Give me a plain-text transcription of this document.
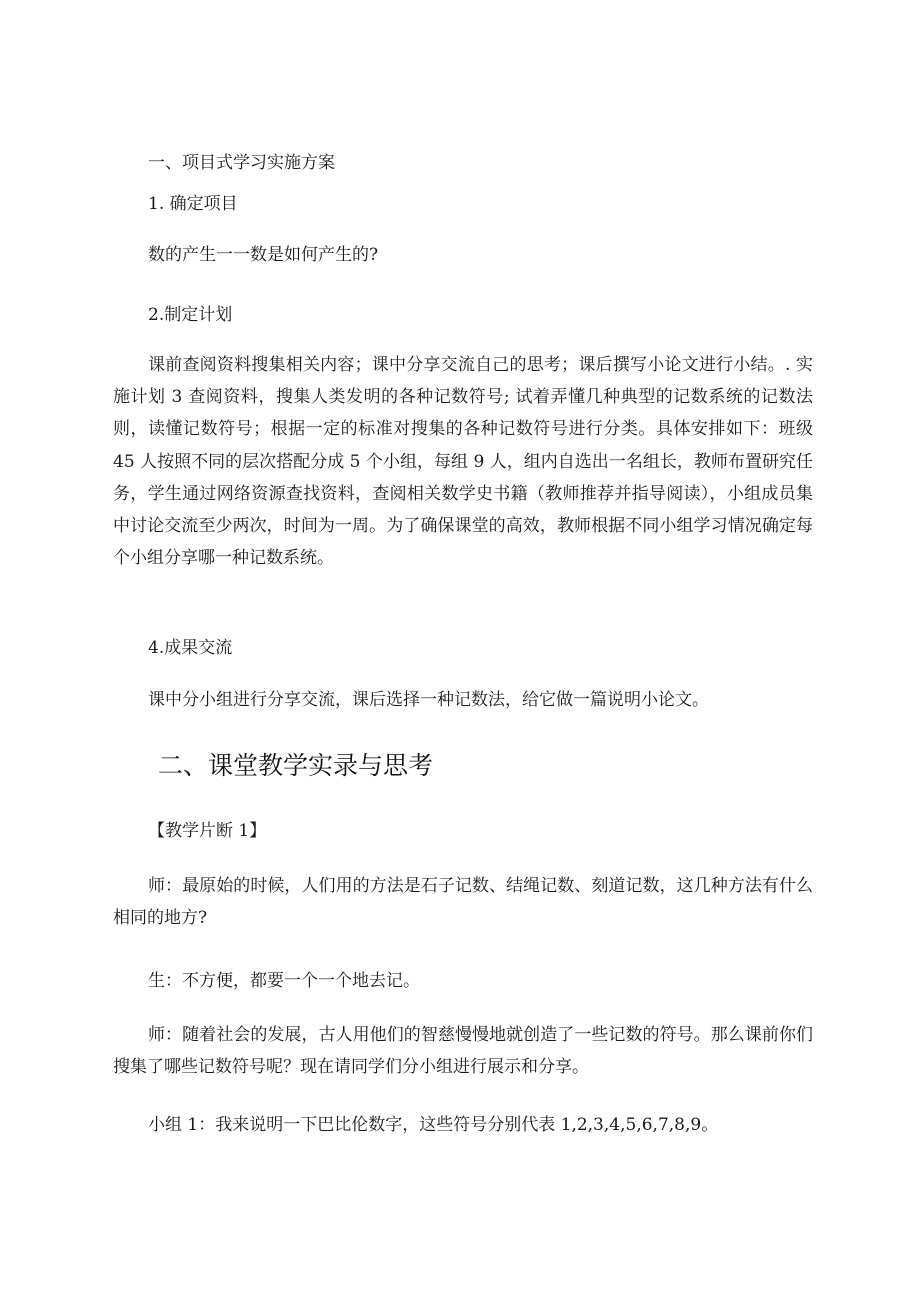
一、项目式学习实施方案
1. 确定项目
数的产生一一数是如何产生的?
2.制定计划
课前查阅资料搜集相关内容；课中分享交流自己的思考；课后撰写小论文进行小结。. 实施计划 3 查阅资料，搜集人类发明的各种记数符号; 试着弄懂几种典型的记数系统的记数法则，读懂记数符号；根据一定的标准对搜集的各种记数符号进行分类。具体安排如下：班级 45 人按照不同的层次搭配分成 5 个小组，每组 9 人，组内自选出一名组长，教师布置研究任务，学生通过网络资源查找资料，查阅相关数学史书籍（教师推荐并指导阅读），小组成员集中讨论交流至少两次，时间为一周。为了确保课堂的高效，教师根据不同小组学习情况确定每个小组分享哪一种记数系统。
4.成果交流
课中分小组进行分享交流，课后选择一种记数法，给它做一篇说明小论文。
二、课堂教学实录与思考
【教学片断 1】
师：最原始的时候，人们用的方法是石子记数、结绳记数、刻道记数，这几种方法有什么相同的地方?
生：不方便，都要一个一个地去记。
师：随着社会的发展，古人用他们的智慈慢慢地就创造了一些记数的符号。那么课前你们搜集了哪些记数符号呢？现在请同学们分小组进行展示和分享。
小组 1：我来说明一下巴比伦数字，这些符号分别代表 1,2,3,4,5,6,7,8,9。
